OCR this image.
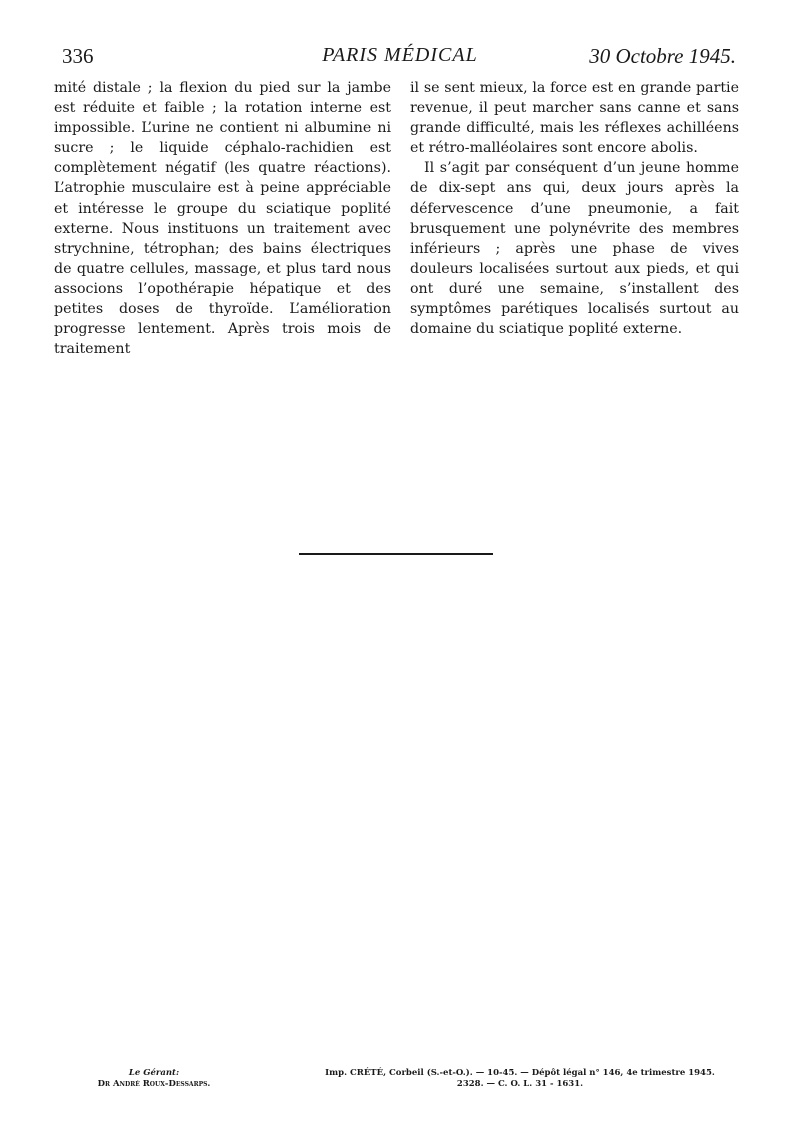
336	PARIS MÉDICAL	30 Octobre 1945.

mité distale ; la flexion du pied sur la jambe est réduite et faible ; la rotation interne est impossible. L’urine ne contient ni albumine ni sucre ; le liquide céphalo-rachidien est complètement négatif (les quatre réactions). L’atrophie musculaire est à peine appréciable et intéresse le groupe du sciatique poplité externe. Nous instituons un traitement avec strychnine, tétrophan; des bains électriques de quatre cellules, massage, et plus tard nous associons l’opothérapie hépatique et des petites doses de thyroïde. L’amélioration progresse lentement. Après trois mois de traitement

il se sent mieux, la force est en grande partie revenue, il peut marcher sans canne et sans grande difficulté, mais les réflexes achilléens et rétro-malléolaires sont encore abolis.

Il s’agit par conséquent d’un jeune homme de dix-sept ans qui, deux jours après la défervescence d’une pneumonie, a fait brusquement une polynévrite des membres inférieurs ; après une phase de vives douleurs localisées surtout aux pieds, et qui ont duré une semaine, s’installent des symptômes parétiques localisés surtout au domaine du sciatique poplité externe.

Le Gérant:
Dr André Roux-Dessarps.
Imp. CRÉTÉ, Corbeil (S.-et-O.). — 10-45. — Dépôt légal n° 146, 4e trimestre 1945.
2328. — C. O. L. 31 - 1631.
